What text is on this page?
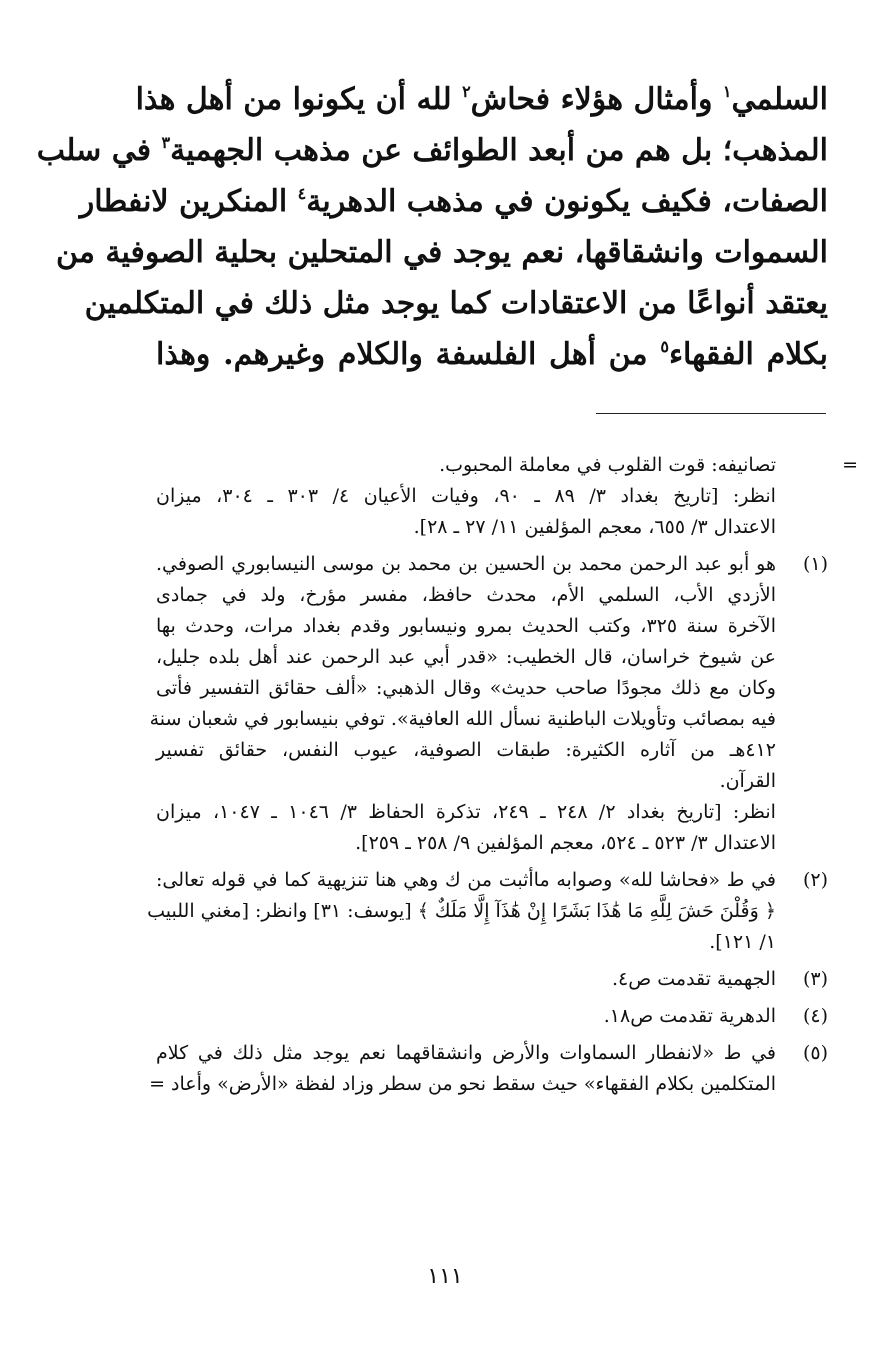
السلمي$^١$ وأمثال هؤلاء فحاش$^٢$ لله أن يكونوا من أهل هذا
المذهب؛ بل هم من أبعد الطوائف عن مذهب الجهمية$^٣$ في سلب
الصفات، فكيف يكونون في مذهب الدهرية$^٤$ المنكرين لانفطار
السموات وانشقاقها، نعم يوجد في المتحلين بحلية الصوفية من
يعتقد أنواعًا من الاعتقادات كما يوجد مثل ذلك في المتكلمين
بكلام الفقهاء$^٥$ من أهل الفلسفة والكلام وغيرهم. وهذا
=
تصانيفه: قوت القلوب في معاملة المحبوب.
انظر: [تاريخ بغداد ٣/ ٨٩ ـ ٩٠، وفيات الأعيان ٤/ ٣٠٣ ـ ٣٠٤، ميزان
الاعتدال ٣/ ٦٥٥، معجم المؤلفين ١١/ ٢٧ ـ ٢٨].
(١)
هو أبو عبد الرحمن محمد بن الحسين بن محمد بن موسى النيسابوري الصوفي.
الأزدي الأب، السلمي الأم، محدث حافظ، مفسر مؤرخ، ولد في جمادى
الآخرة سنة ٣٢٥، وكتب الحديث بمرو ونيسابور وقدم بغداد مرات، وحدث بها
عن شيوخ خراسان، قال الخطيب: «قدر أبي عبد الرحمن عند أهل بلده جليل،
وكان مع ذلك مجودًا صاحب حديث» وقال الذهبي: «ألف حقائق التفسير فأتى
فيه بمصائب وتأويلات الباطنية نسأل الله العافية». توفي بنيسابور في شعبان سنة
٤١٢هـ من آثاره الكثيرة: طبقات الصوفية، عيوب النفس، حقائق تفسير
القرآن.
انظر: [تاريخ بغداد ٢/ ٢٤٨ ـ ٢٤٩، تذكرة الحفاظ ٣/ ١٠٤٦ ـ ١٠٤٧، ميزان
الاعتدال ٣/ ٥٢٣ ـ ٥٢٤، معجم المؤلفين ٩/ ٢٥٨ ـ ٢٥٩].
(٢)
في ط «فحاشا لله» وصوابه ماأثبت من ك وهي هنا تنزيهية كما في قوله تعالى:
﴿ وَقُلْنَ حَشَ لِلَّهِ مَا هَٰذَا بَشَرًا إِنْ هَٰذَآ إِلَّا مَلَكٌ ﴾ [يوسف: ٣١] وانظر: [مغني اللبيب
١/ ١٢١].
(٣)
الجهمية تقدمت ص٤.
(٤)
الدهرية تقدمت ص١٨.
(٥)
في ط «لانفطار السماوات والأرض وانشقاقهما نعم يوجد مثل ذلك في كلام
المتكلمين بكلام الفقهاء» حيث سقط نحو من سطر وزاد لفظة «الأرض» وأعاد =
١١١
